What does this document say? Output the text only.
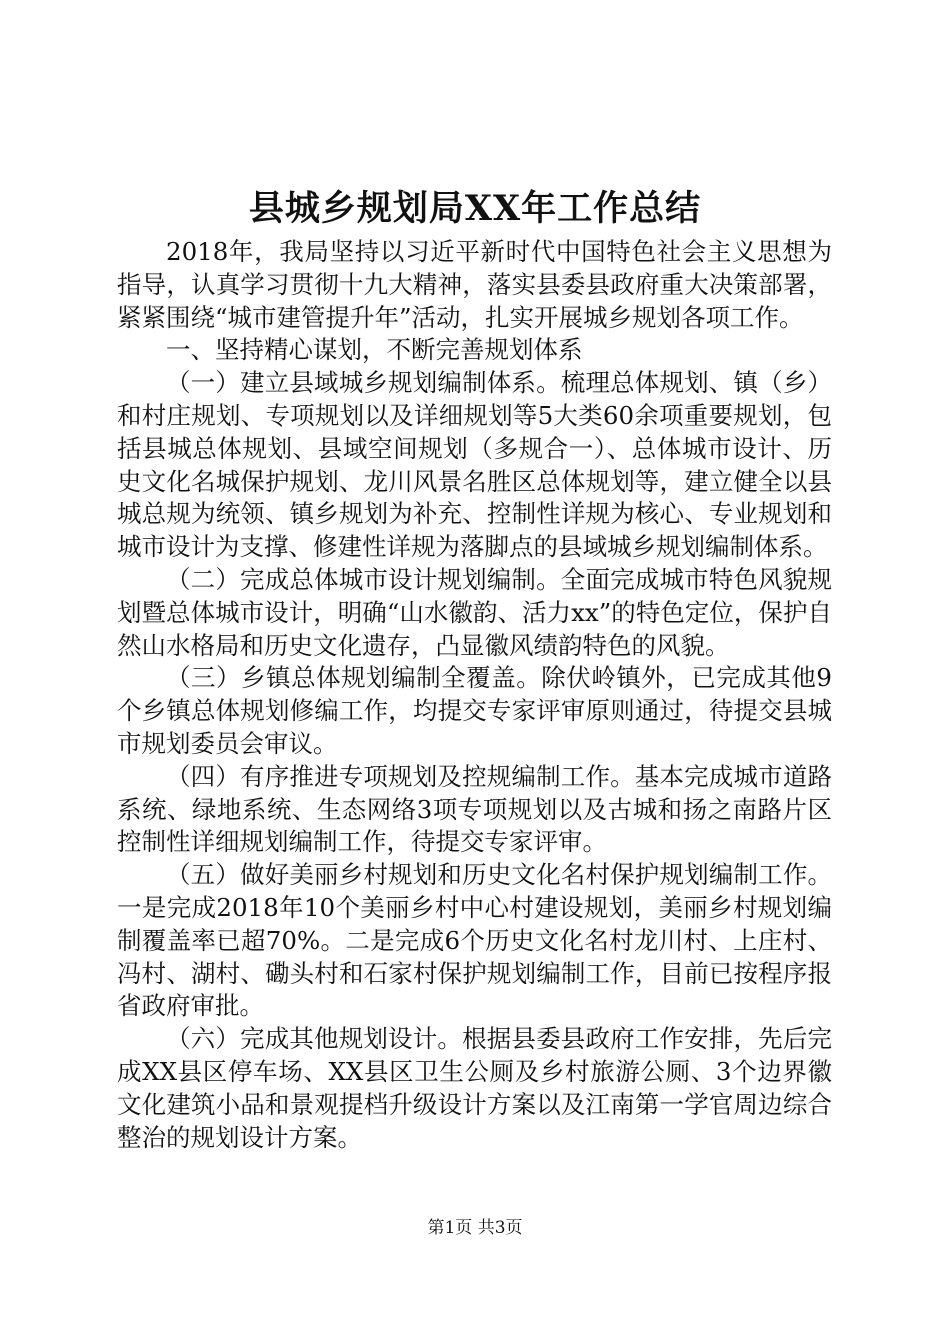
县城乡规划局XX年工作总结

2018年，我局坚持以习近平新时代中国特色社会主义思想为指导，认真学习贯彻十九大精神，落实县委县政府重大决策部署，紧紧围绕“城市建管提升年”活动，扎实开展城乡规划各项工作。

一、坚持精心谋划，不断完善规划体系

（一）建立县域城乡规划编制体系。梳理总体规划、镇（乡）和村庄规划、专项规划以及详细规划等5大类60余项重要规划，包括县城总体规划、县域空间规划（多规合一）、总体城市设计、历史文化名城保护规划、龙川风景名胜区总体规划等，建立健全以县城总规为统领、镇乡规划为补充、控制性详规为核心、专业规划和城市设计为支撑、修建性详规为落脚点的县域城乡规划编制体系。

（二）完成总体城市设计规划编制。全面完成城市特色风貌规划暨总体城市设计，明确“山水徽韵、活力xx”的特色定位，保护自然山水格局和历史文化遗存，凸显徽风绩韵特色的风貌。

（三）乡镇总体规划编制全覆盖。除伏岭镇外，已完成其他9个乡镇总体规划修编工作，均提交专家评审原则通过，待提交县城市规划委员会审议。

（四）有序推进专项规划及控规编制工作。基本完成城市道路系统、绿地系统、生态网络3项专项规划以及古城和扬之南路片区控制性详细规划编制工作，待提交专家评审。

（五）做好美丽乡村规划和历史文化名村保护规划编制工作。一是完成2018年10个美丽乡村中心村建设规划，美丽乡村规划编制覆盖率已超70%。二是完成6个历史文化名村龙川村、上庄村、冯村、湖村、磡头村和石家村保护规划编制工作，目前已按程序报省政府审批。

（六）完成其他规划设计。根据县委县政府工作安排，先后完成XX县区停车场、XX县区卫生公厕及乡村旅游公厕、3个边界徽文化建筑小品和景观提档升级设计方案以及江南第一学官周边综合整治的规划设计方案。

第1页 共3页
